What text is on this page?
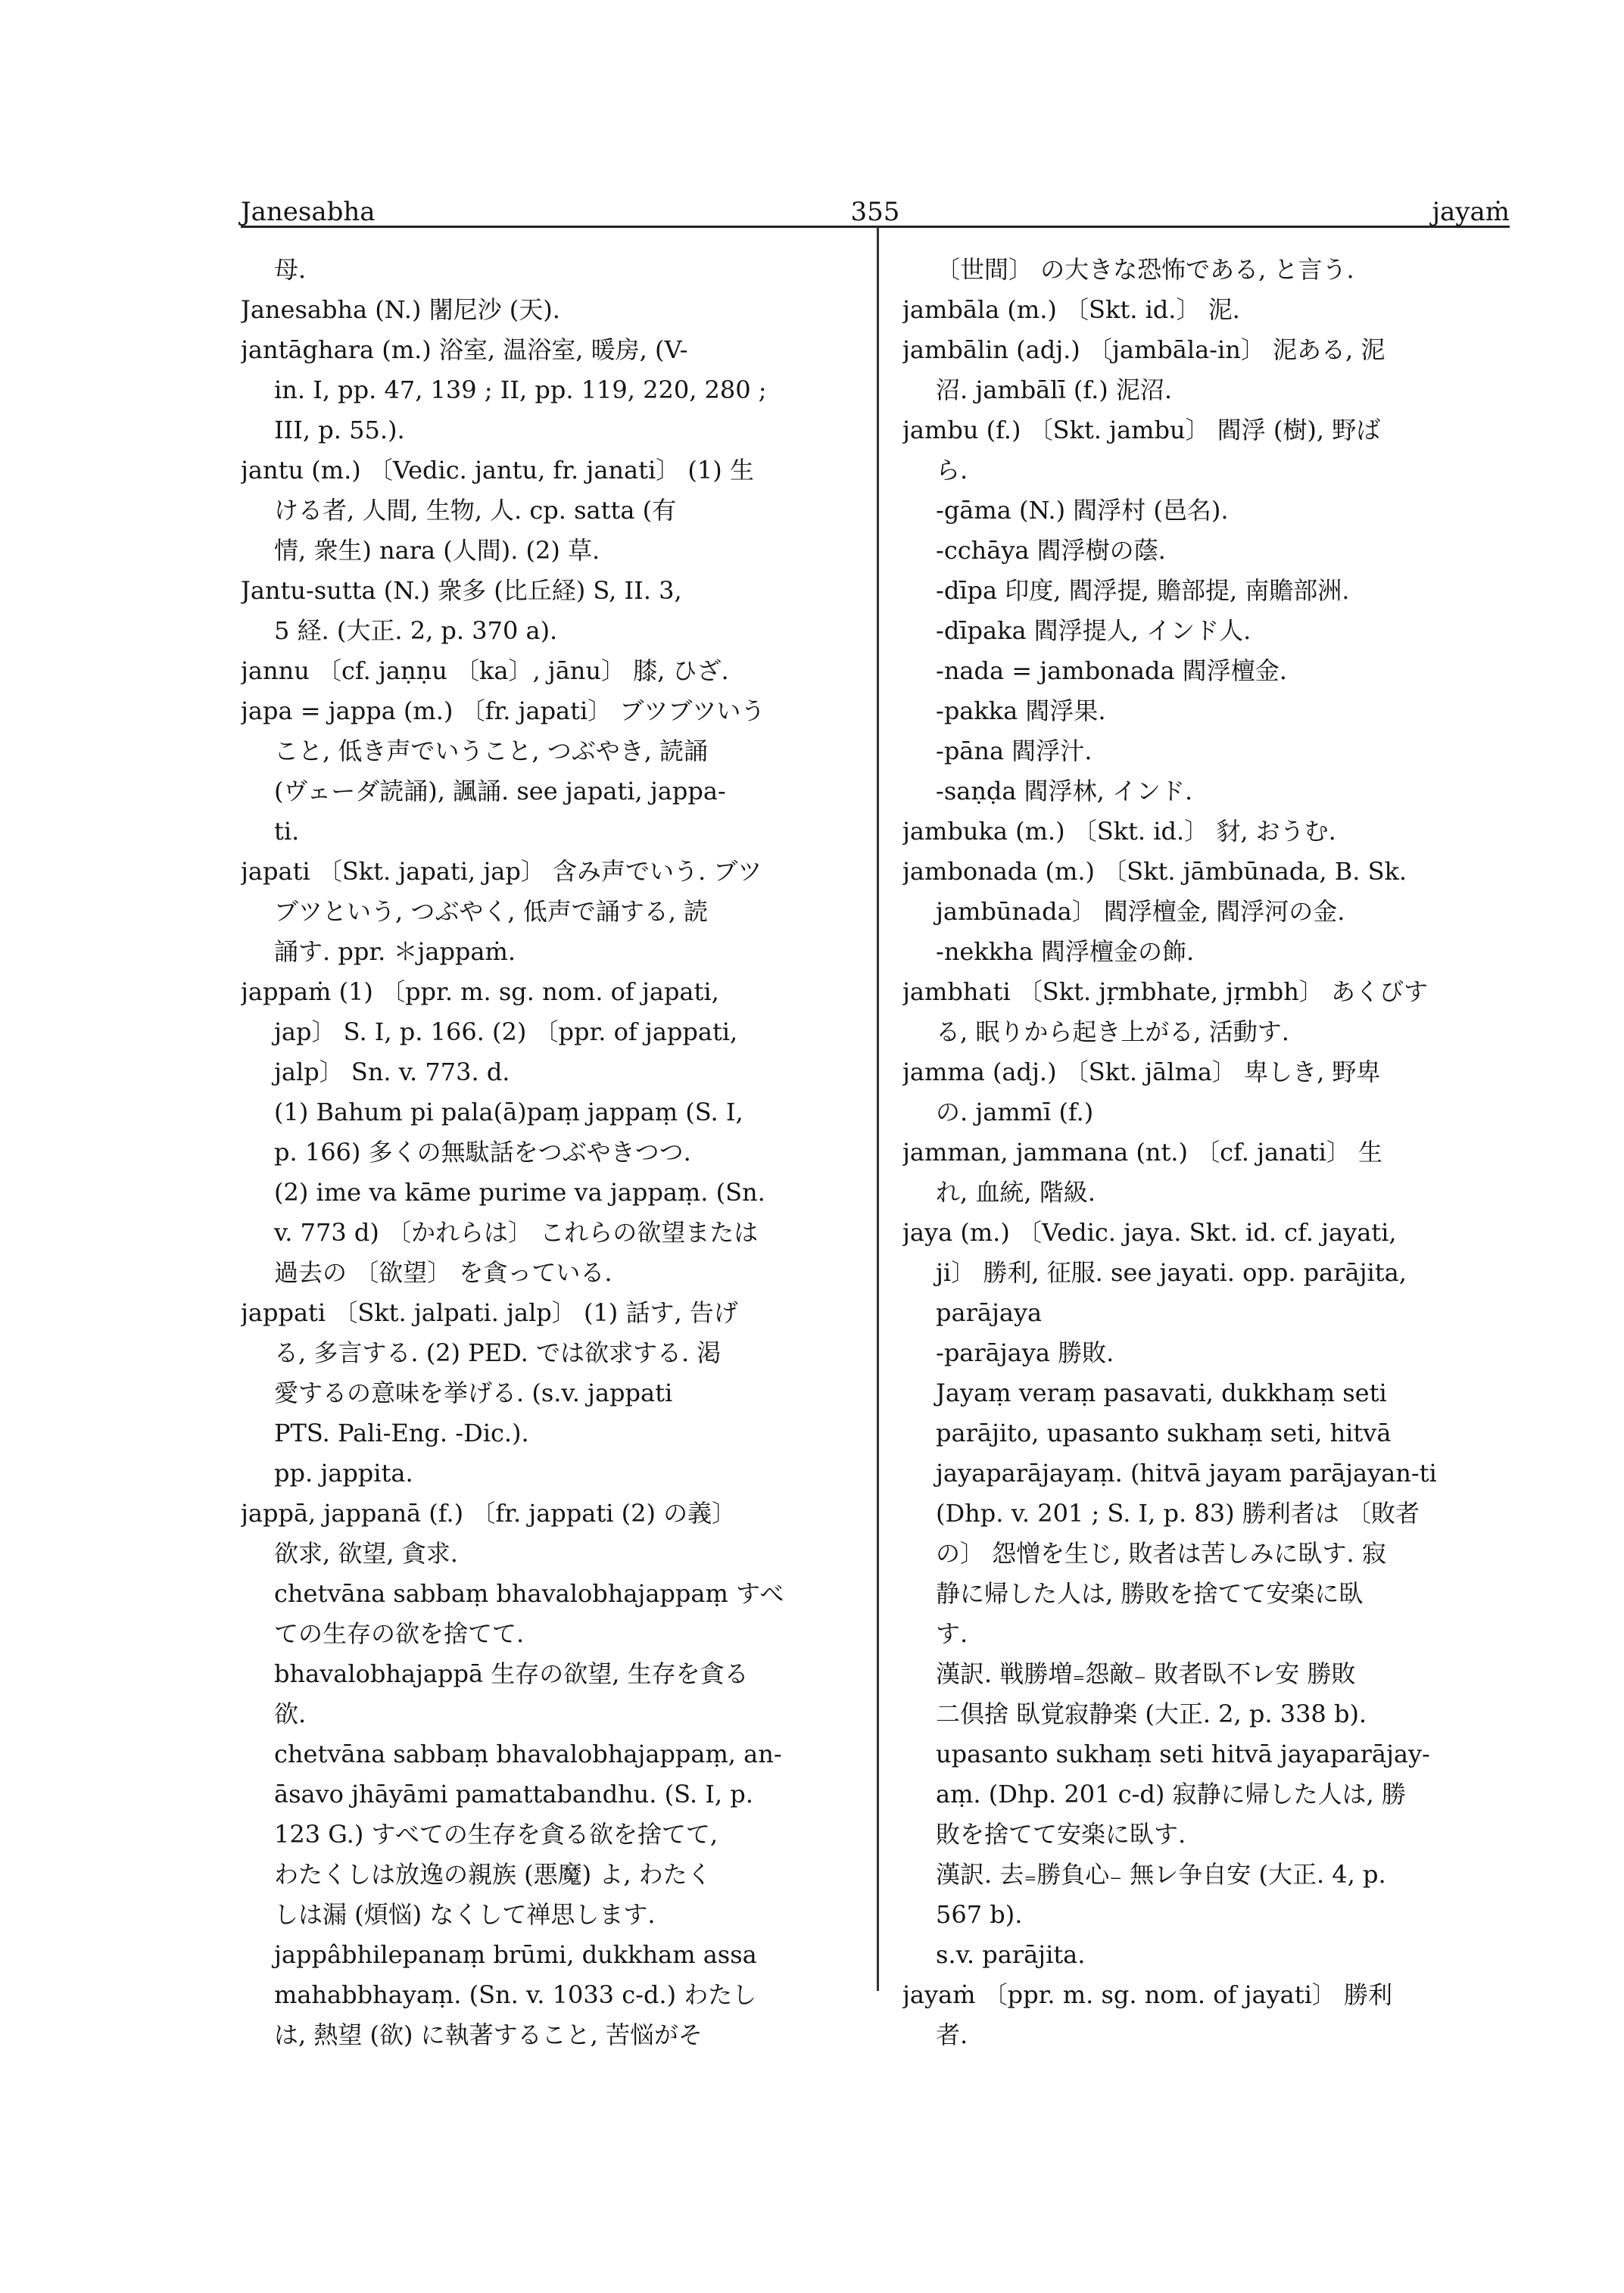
Janesabha	355	jayaṁ
母.
Janesabha (N.) 闍尼沙 (天).
jantāghara (m.) 浴室, 温浴室, 暖房, (V-
in. I, pp. 47, 139 ; II, pp. 119, 220, 280 ;
III, p. 55.).
jantu (m.) 〔Vedic. jantu, fr. janati〕 (1) 生
ける者, 人間, 生物, 人. cp. satta (有
情, 衆生) nara (人間). (2) 草.
Jantu-sutta (N.) 衆多 (比丘経) S, II. 3,
5 経. (大正. 2, p. 370 a).
jannu 〔cf. jaṇṇu 〔ka〕, jānu〕 膝, ひざ.
japa = jappa (m.) 〔fr. japati〕 ブツブツいう
こと, 低き声でいうこと, つぶやき, 読誦
(ヴェーダ読誦), 諷誦. see japati, jappa-
ti.
japati 〔Skt. japati, jap〕 含み声でいう. ブツ
ブツという, つぶやく, 低声で誦する, 読
誦す. ppr. ＊jappaṁ.
jappaṁ (1) 〔ppr. m. sg. nom. of japati,
jap〕 S. I, p. 166. (2) 〔ppr. of jappati,
jalp〕 Sn. v. 773. d.
(1) Bahum pi pala(ā)paṃ jappaṃ (S. I,
p. 166) 多くの無駄話をつぶやきつつ.
(2) ime va kāme purime va jappaṃ. (Sn.
v. 773 d) 〔かれらは〕 これらの欲望または
過去の 〔欲望〕 を貪っている.
jappati 〔Skt. jalpati. jalp〕 (1) 話す, 告げ
る, 多言する. (2) PED. では欲求する. 渇
愛するの意味を挙げる. (s.v. jappati
PTS. Pali-Eng. -Dic.).
pp. jappita.
jappā, jappanā (f.) 〔fr. jappati (2) の義〕
欲求, 欲望, 貪求.
chetvāna sabbaṃ bhavalobhajappaṃ すべ
ての生存の欲を捨てて.
bhavalobhajappā 生存の欲望, 生存を貪る
欲.
chetvāna sabbaṃ bhavalobhajappaṃ, an-
āsavo jhāyāmi pamattabandhu. (S. I, p.
123 G.) すべての生存を貪る欲を捨てて,
わたくしは放逸の親族 (悪魔) よ, わたく
しは漏 (煩悩) なくして禅思します.
jappâbhilepanaṃ brūmi, dukkham assa
mahabbhayaṃ. (Sn. v. 1033 c-d.) わたし
は, 熱望 (欲) に執著すること, 苦悩がそ
〔世間〕 の大きな恐怖である, と言う.
jambāla (m.) 〔Skt. id.〕 泥.
jambālin (adj.) 〔jambāla-in〕 泥ある, 泥
沼. jambālī (f.) 泥沼.
jambu (f.) 〔Skt. jambu〕 閻浮 (樹), 野ば
ら.
-gāma (N.) 閻浮村 (邑名).
-cchāya 閻浮樹の蔭.
-dīpa 印度, 閻浮提, 贍部提, 南贍部洲.
-dīpaka 閻浮提人, インド人.
-nada = jambonada 閻浮檀金.
-pakka 閻浮果.
-pāna 閻浮汁.
-saṇḍa 閻浮林, インド.
jambuka (m.) 〔Skt. id.〕 豺, おうむ.
jambonada (m.) 〔Skt. jāmbūnada, B. Sk.
jambūnada〕 閻浮檀金, 閻浮河の金.
-nekkha 閻浮檀金の飾.
jambhati 〔Skt. jṛmbhate, jṛmbh〕 あくびす
る, 眠りから起き上がる, 活動す.
jamma (adj.) 〔Skt. jālma〕 卑しき, 野卑
の. jammī (f.)
jamman, jammana (nt.) 〔cf. janati〕 生
れ, 血統, 階級.
jaya (m.) 〔Vedic. jaya. Skt. id. cf. jayati,
ji〕 勝利, 征服. see jayati. opp. parājita,
parājaya
-parājaya 勝敗.
Jayaṃ veraṃ pasavati, dukkhaṃ seti
parājito, upasanto sukhaṃ seti, hitvā
jayaparājayaṃ. (hitvā jayam parājayan-ti
(Dhp. v. 201 ; S. I, p. 83) 勝利者は 〔敗者
の〕 怨憎を生じ, 敗者は苦しみに臥す. 寂
静に帰した人は, 勝敗を捨てて安楽に臥
す.
漢訳. 戦勝増₌怨敵₋ 敗者臥不レ安 勝敗
二倶捨 臥覚寂静楽 (大正. 2, p. 338 b).
upasanto sukhaṃ seti hitvā jayaparājay-
aṃ. (Dhp. 201 c-d) 寂静に帰した人は, 勝
敗を捨てて安楽に臥す.
漢訳. 去₌勝負心₋ 無レ争自安 (大正. 4, p.
567 b).
s.v. parājita.
jayaṁ 〔ppr. m. sg. nom. of jayati〕 勝利
者.
